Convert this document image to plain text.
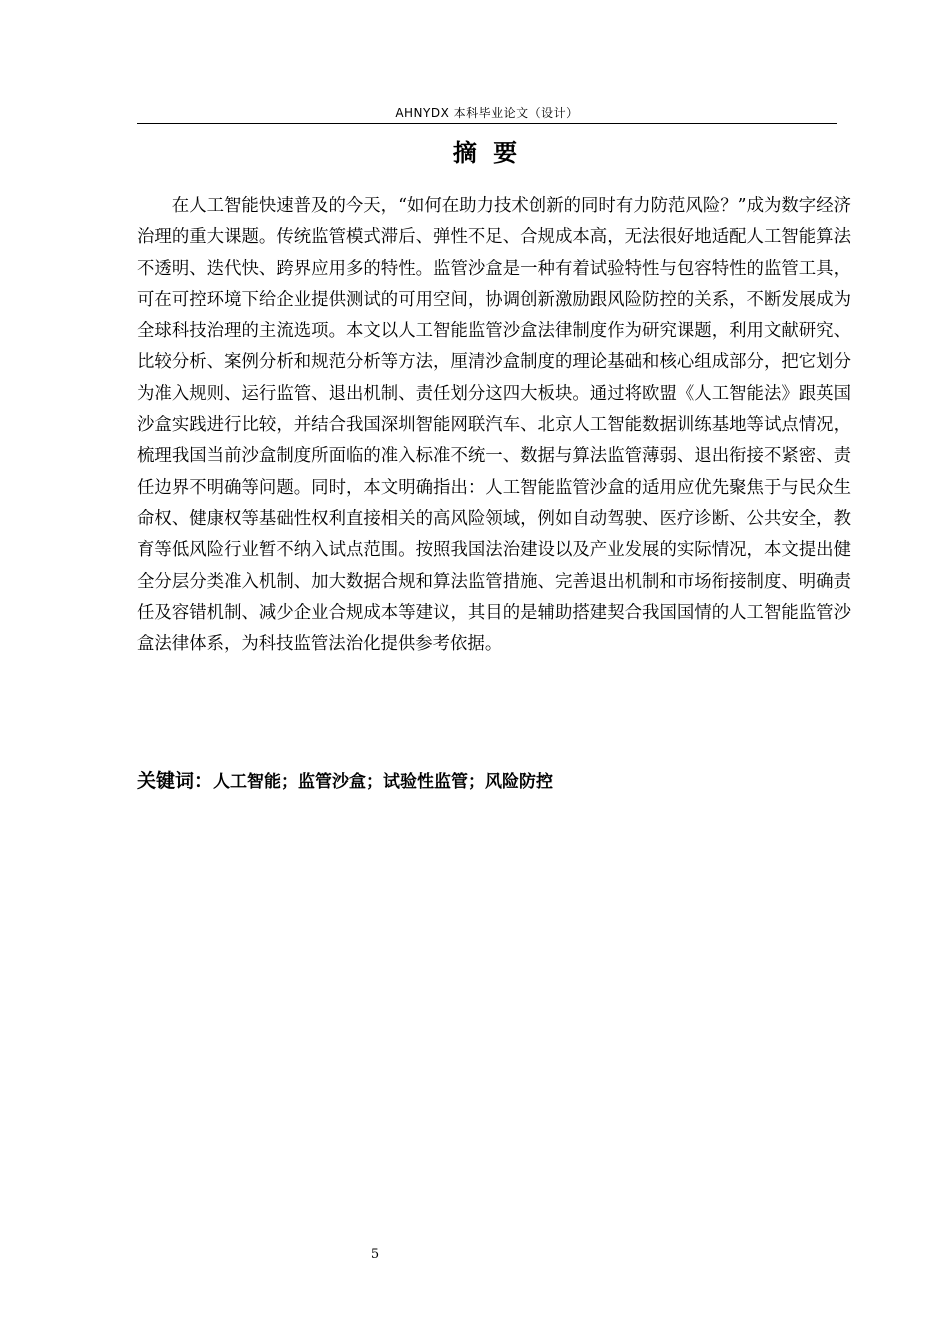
AHNYDX 本科毕业论文（设计）
摘 要

在人工智能快速普及的今天，“如何在助力技术创新的同时有力防范风险？”成为数字经济治理的重大课题。传统监管模式滞后、弹性不足、合规成本高，无法很好地适配人工智能算法不透明、迭代快、跨界应用多的特性。监管沙盒是一种有着试验特性与包容特性的监管工具，可在可控环境下给企业提供测试的可用空间，协调创新激励跟风险防控的关系，不断发展成为全球科技治理的主流选项。本文以人工智能监管沙盒法律制度作为研究课题，利用文献研究、比较分析、案例分析和规范分析等方法，厘清沙盒制度的理论基础和核心组成部分，把它划分为准入规则、运行监管、退出机制、责任划分这四大板块。通过将欧盟《人工智能法》跟英国沙盒实践进行比较，并结合我国深圳智能网联汽车、北京人工智能数据训练基地等试点情况，梳理我国当前沙盒制度所面临的准入标准不统一、数据与算法监管薄弱、退出衔接不紧密、责任边界不明确等问题。同时，本文明确指出：人工智能监管沙盒的适用应优先聚焦于与民众生命权、健康权等基础性权利直接相关的高风险领域，例如自动驾驶、医疗诊断、公共安全，教育等低风险行业暂不纳入试点范围。按照我国法治建设以及产业发展的实际情况，本文提出健全分层分类准入机制、加大数据合规和算法监管措施、完善退出机制和市场衔接制度、明确责任及容错机制、减少企业合规成本等建议，其目的是辅助搭建契合我国国情的人工智能监管沙盒法律体系，为科技监管法治化提供参考依据。

关键词：人工智能；监管沙盒；试验性监管；风险防控
5
